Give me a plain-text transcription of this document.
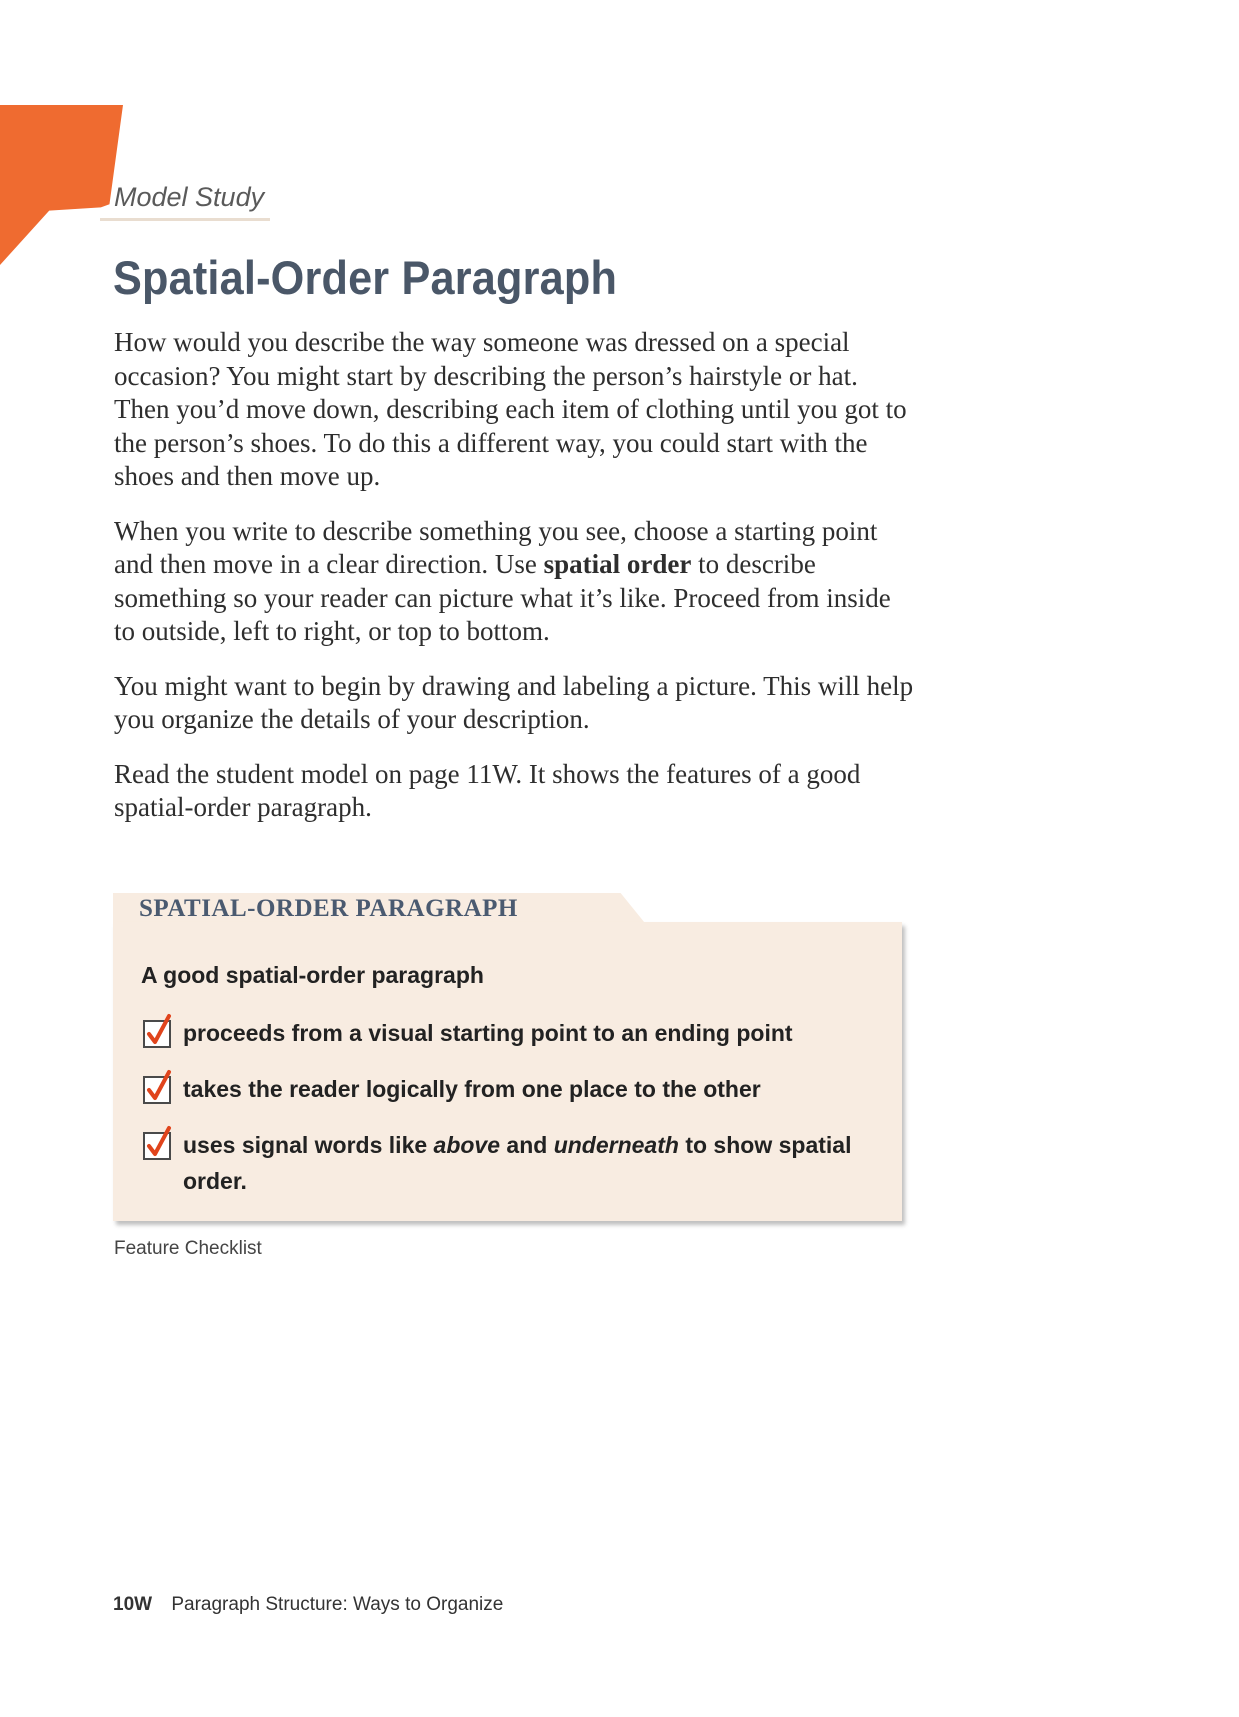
Model Study
Spatial-Order Paragraph

How would you describe the way someone was dressed on a special occasion? You might start by describing the person’s hairstyle or hat. Then you’d move down, describing each item of clothing until you got to the person’s shoes. To do this a different way, you could start with the shoes and then move up.

When you write to describe something you see, choose a starting point and then move in a clear direction. Use spatial order to describe something so your reader can picture what it’s like. Proceed from inside to outside, left to right, or top to bottom.

You might want to begin by drawing and labeling a picture. This will help you organize the details of your description.

Read the student model on page 11W. It shows the features of a good spatial-order paragraph.

SPATIAL-ORDER PARAGRAPH
A good spatial-order paragraph
proceeds from a visual starting point to an ending point
takes the reader logically from one place to the other
uses signal words like above and underneath to show spatial order.
Feature Checklist
10W Paragraph Structure: Ways to Organize
